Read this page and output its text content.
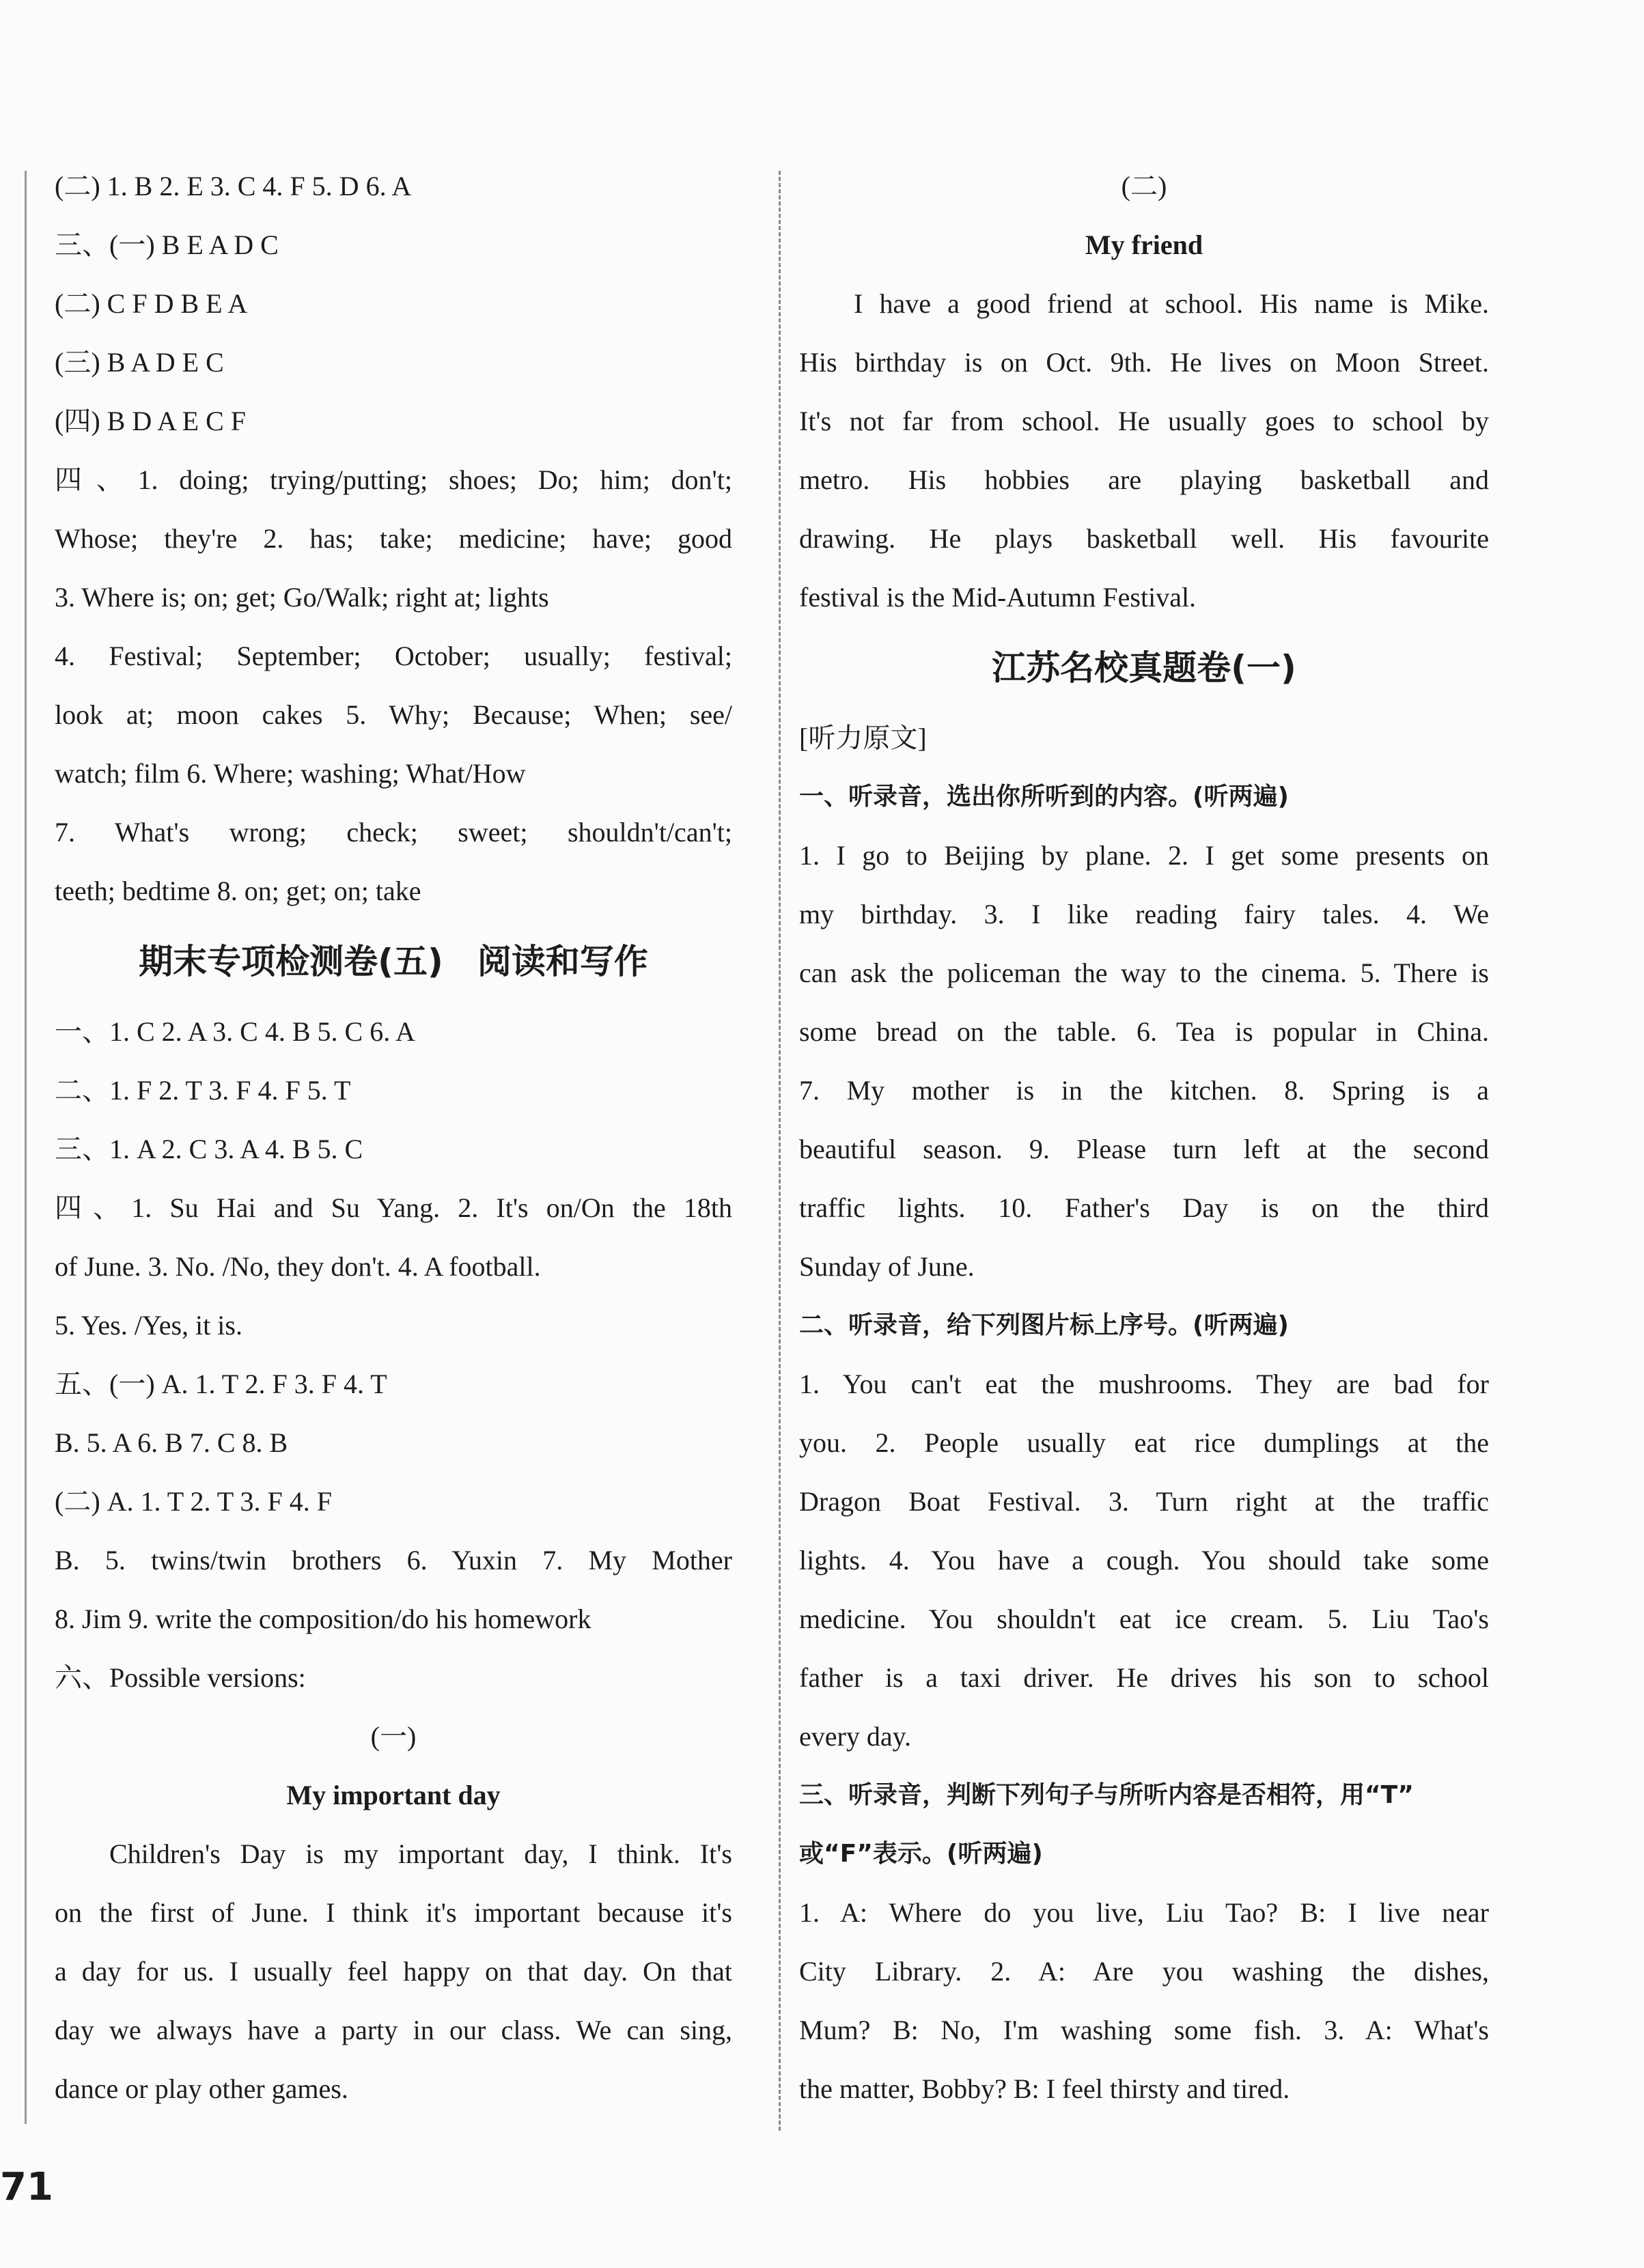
(二) 1. B 2. E 3. C 4. F 5. D 6. A
三、(一) B E A D C
(二) C F D B E A
(三) B A D E C
(四) B D A E C F
四、1. doing; trying/putting; shoes; Do; him; don't;
Whose; they're 2. has; take; medicine; have; good
3. Where is; on; get; Go/Walk; right at; lights
4. Festival; September; October; usually; festival;
look at; moon cakes 5. Why; Because; When; see/
watch; film 6. Where; washing; What/How
7. What's wrong; check; sweet; shouldn't/can't;
teeth; bedtime 8. on; get; on; take
期末专项检测卷(五)　阅读和写作
一、1. C 2. A 3. C 4. B 5. C 6. A
二、1. F 2. T 3. F 4. F 5. T
三、1. A 2. C 3. A 4. B 5. C
四、1. Su Hai and Su Yang. 2. It's on/On the 18th
of June. 3. No. /No, they don't. 4. A football.
5. Yes. /Yes, it is.
五、(一) A. 1. T 2. F 3. F 4. T
B. 5. A 6. B 7. C 8. B
(二) A. 1. T 2. T 3. F 4. F
B. 5. twins/twin brothers 6. Yuxin 7. My Mother
8. Jim 9. write the composition/do his homework
六、Possible versions:
(一)
My important day
Children's Day is my important day, I think. It's
on the first of June. I think it's important because it's
a day for us. I usually feel happy on that day. On that
day we always have a party in our class. We can sing,
dance or play other games.
(二)
My friend
I have a good friend at school. His name is Mike.
His birthday is on Oct. 9th. He lives on Moon Street.
It's not far from school. He usually goes to school by
metro. His hobbies are playing basketball and
drawing. He plays basketball well. His favourite
festival is the Mid-Autumn Festival.
江苏名校真题卷(一)
[听力原文]
一、听录音，选出你所听到的内容。(听两遍)
1. I go to Beijing by plane. 2. I get some presents on
my birthday. 3. I like reading fairy tales. 4. We
can ask the policeman the way to the cinema. 5. There is
some bread on the table. 6. Tea is popular in China.
7. My mother is in the kitchen. 8. Spring is a
beautiful season. 9. Please turn left at the second
traffic lights. 10. Father's Day is on the third
Sunday of June.
二、听录音，给下列图片标上序号。(听两遍)
1. You can't eat the mushrooms. They are bad for
you. 2. People usually eat rice dumplings at the
Dragon Boat Festival. 3. Turn right at the traffic
lights. 4. You have a cough. You should take some
medicine. You shouldn't eat ice cream. 5. Liu Tao's
father is a taxi driver. He drives his son to school
every day.
三、听录音，判断下列句子与所听内容是否相符，用“T”
或“F”表示。(听两遍)
1. A: Where do you live, Liu Tao? B: I live near
City Library. 2. A: Are you washing the dishes,
Mum? B: No, I'm washing some fish. 3. A: What's
the matter, Bobby? B: I feel thirsty and tired.
71
